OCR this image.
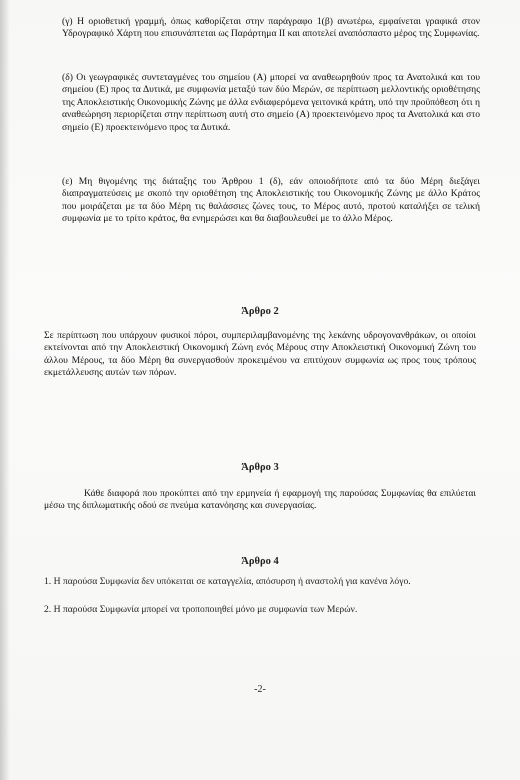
(γ) Η οριοθετική γραμμή, όπως καθορίζεται στην παράγραφο 1(β) ανωτέρω, εμφαίνεται γραφικά στον Υδρογραφικό Χάρτη που επισυνάπτεται ως Παράρτημα ΙΙ και αποτελεί αναπόσπαστο μέρος της Συμφωνίας.

(δ) Οι γεωγραφικές συντεταγμένες του σημείου (Α) μπορεί να αναθεωρηθούν προς τα Ανατολικά και του σημείου (Ε) προς τα Δυτικά, με συμφωνία μεταξύ των δύο Μερών, σε περίπτωση μελλοντικής οριοθέτησης της Αποκλειστικής Οικονομικής Ζώνης με άλλα ενδιαφερόμενα γειτονικά κράτη, υπό την προϋπόθεση ότι η αναθεώρηση περιορίζεται στην περίπτωση αυτή στο σημείο (Α) προεκτεινόμενο προς τα Ανατολικά και στο σημείο (Ε) προεκτεινόμενο προς τα Δυτικά.

(ε) Μη θιγομένης της διάταξης του Άρθρου 1 (δ), εάν οποιοδήποτε από τα δύο Μέρη διεξάγει διαπραγματεύσεις με σκοπό την οριοθέτηση της Αποκλειστικής του Οικονομικής Ζώνης με άλλο Κράτος που μοιράζεται με τα δύο Μέρη τις θαλάσσιες ζώνες τους, το Μέρος αυτό, προτού καταλήξει σε τελική συμφωνία με το τρίτο κράτος, θα ενημερώσει και θα διαβουλευθεί με το άλλο Μέρος.

Άρθρο 2

Σε περίπτωση που υπάρχουν φυσικοί πόροι, συμπεριλαμβανομένης της λεκάνης υδρογονανθράκων, οι οποίοι εκτείνονται από την Αποκλειστική Οικονομική Ζώνη ενός Μέρους στην Αποκλειστική Οικονομική Ζώνη του άλλου Μέρους, τα δύο Μέρη θα συνεργασθούν προκειμένου να επιτύχουν συμφωνία ως προς τους τρόπους εκμετάλλευσης αυτών των πόρων.

Άρθρο 3

Κάθε διαφορά που προκύπτει από την ερμηνεία ή εφαρμογή της παρούσας Συμφωνίας θα επιλύεται μέσω της διπλωματικής οδού σε πνεύμα κατανόησης και συνεργασίας.

Άρθρο 4

1. Η παρούσα Συμφωνία δεν υπόκειται σε καταγγελία, απόσυρση ή αναστολή για κανένα λόγο.

2. Η παρούσα Συμφωνία μπορεί να τροποποιηθεί μόνο με συμφωνία των Μερών.

-2-
